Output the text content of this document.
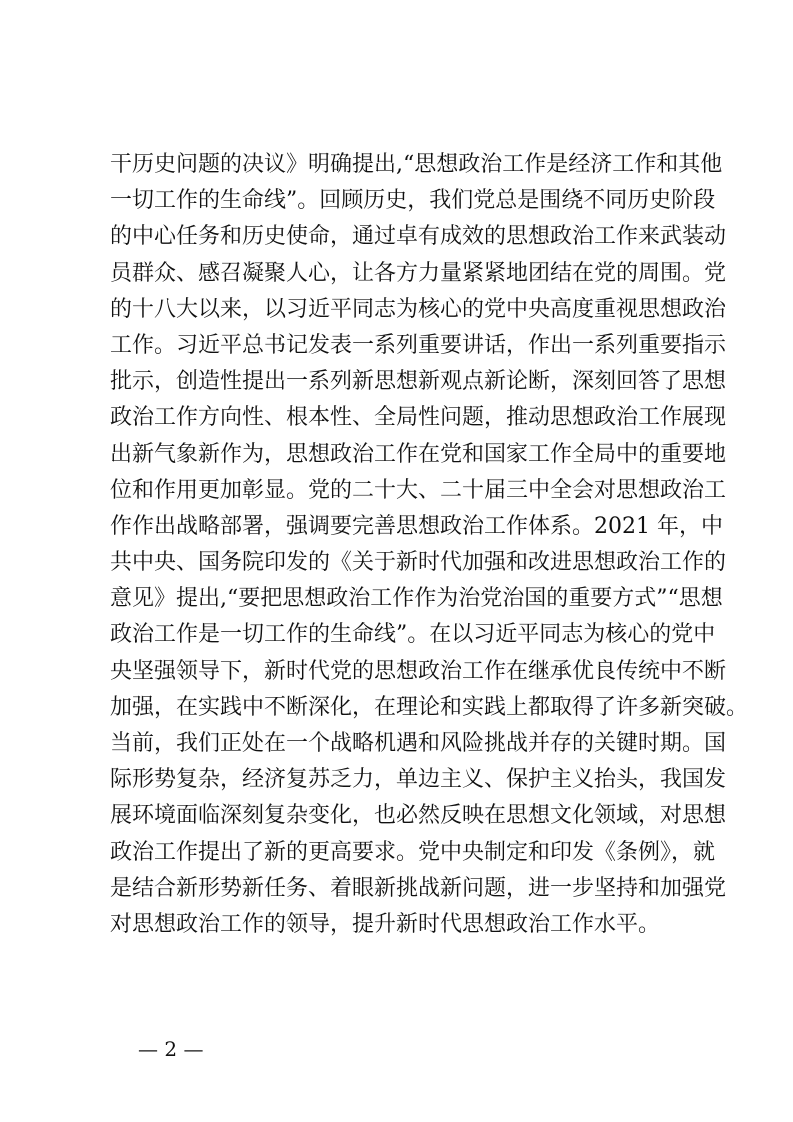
干历史问题的决议》明确提出,“思想政治工作是经济工作和其他
一切工作的生命线”。回顾历史，我们党总是围绕不同历史阶段
的中心任务和历史使命，通过卓有成效的思想政治工作来武装动
员群众、感召凝聚人心，让各方力量紧紧地团结在党的周围。党
的十八大以来，以习近平同志为核心的党中央高度重视思想政治
工作。习近平总书记发表一系列重要讲话，作出一系列重要指示
批示，创造性提出一系列新思想新观点新论断，深刻回答了思想
政治工作方向性、根本性、全局性问题，推动思想政治工作展现
出新气象新作为，思想政治工作在党和国家工作全局中的重要地
位和作用更加彰显。党的二十大、二十届三中全会对思想政治工
作作出战略部署，强调要完善思想政治工作体系。2021 年，中
共中央、国务院印发的《关于新时代加强和改进思想政治工作的
意见》提出,“要把思想政治工作作为治党治国的重要方式”“思想
政治工作是一切工作的生命线”。在以习近平同志为核心的党中
央坚强领导下，新时代党的思想政治工作在继承优良传统中不断
加强，在实践中不断深化，在理论和实践上都取得了许多新突破。
当前，我们正处在一个战略机遇和风险挑战并存的关键时期。国
际形势复杂，经济复苏乏力，单边主义、保护主义抬头，我国发
展环境面临深刻复杂变化，也必然反映在思想文化领域，对思想
政治工作提出了新的更高要求。党中央制定和印发《条例》，就
是结合新形势新任务、着眼新挑战新问题，进一步坚持和加强党
对思想政治工作的领导，提升新时代思想政治工作水平。
— 2 —
